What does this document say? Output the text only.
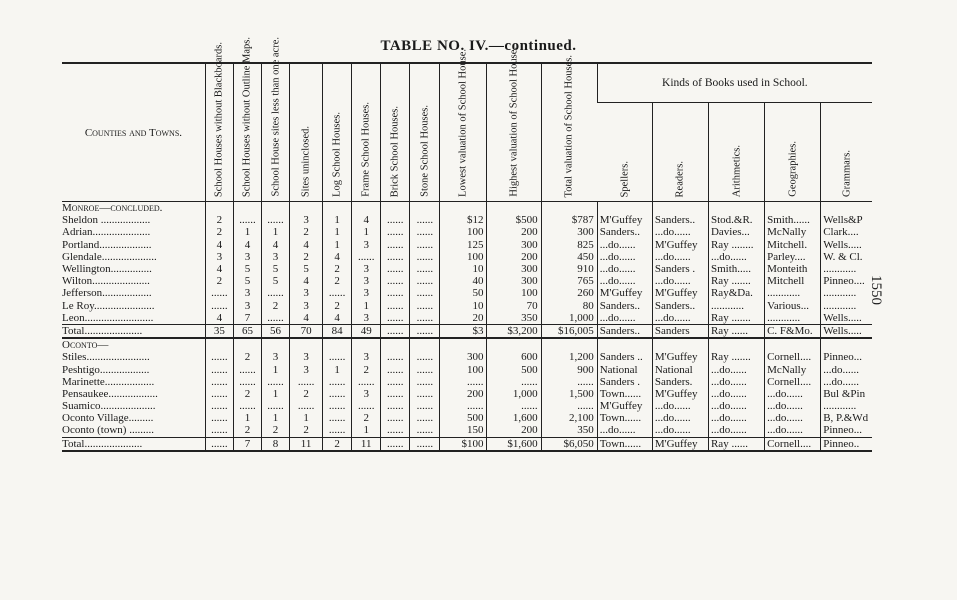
TABLE NO. IV.—continued.
1550
Counties and Towns.	School Houses without Blackboards.	School Houses without Outline Maps.	School House sites less than one acre.	Sites uninclosed.	Log School Houses.	Frame School Houses.	Brick School Houses.	Stone School Houses.	Lowest valuation of School House.	Highest valuation of School House.	Total valuation of School Houses.	Kinds of Books used in School.				

												Spellers.	Readers.	Arithmetics.	Geographies.	Grammars.

Monroe—concluded.																
Sheldon ..................	2	......	......	3	1	4	......	......	$12	$500	$787	M'Guffey	Sanders..	Stod.&R.	Smith......	Wells&P
Adrian.....................	2	1	1	2	1	1	......	......	100	200	300	Sanders..	...do......	Davies...	McNally	Clark....
Portland...................	4	4	4	4	1	3	......	......	125	300	825	...do......	M'Guffey	Ray ........	Mitchell.	Wells.....
Glendale....................	3	3	3	2	4	......	......	......	100	200	450	...do......	...do......	...do......	Parley....	W. & Cl.
Wellington...............	4	5	5	5	2	3	......	......	10	300	910	...do......	Sanders .	Smith.....	Monteith	............
Wilton.....................	2	5	5	4	2	3	......	......	40	300	765	...do......	...do......	Ray .......	Mitchell	Pinneo....
Jefferson..................	......	3	......	3	......	3	......	......	50	100	260	M'Guffey	M'Guffey	Ray&Da.	............	............
Le Roy......................	......	3	2	3	2	1	......	......	10	70	80	Sanders..	Sanders..	............	Various...	............
Leon.........................	4	7	......	4	4	3	......	......	20	350	1,000	...do......	...do......	Ray .......	............	Wells.....
Total.....................	35	65	56	70	84	49	......	......	$3	$3,200	$16,005	Sanders..	Sanders	Ray ......	C. F&Mo.	Wells.....
Oconto—																
Stiles.......................	......	2	3	3	......	3	......	......	300	600	1,200	Sanders ..	M'Guffey	Ray .......	Cornell....	Pinneo...
Peshtigo..................	......	......	1	3	1	2	......	......	100	500	900	National	National	...do......	McNally	...do......
Marinette..................	......	......	......	......	......	......	......	......	......	......	......	Sanders .	Sanders.	...do......	Cornell....	...do......
Pensaukee..................	......	2	1	2	......	3	......	......	200	1,000	1,500	Town......	M'Guffey	...do......	...do......	Bul &Pin
Suamico....................	......	......	......	......	......	......	......	......	......	......	......	M'Guffey	...do......	...do......	...do......	............
Oconto Village.........	......	1	1	1	......	2	......	......	500	1,600	2,100	Town......	...do......	...do......	...do......	B, P.&Wd
Oconto (town) .........	......	2	2	2	......	1	......	......	150	200	350	...do......	...do......	...do......	...do......	Pinneo...
Total.....................	......	7	8	11	2	11	......	......	$100	$1,600	$6,050	Town......	M'Guffey	Ray ......	Cornell....	Pinneo..
